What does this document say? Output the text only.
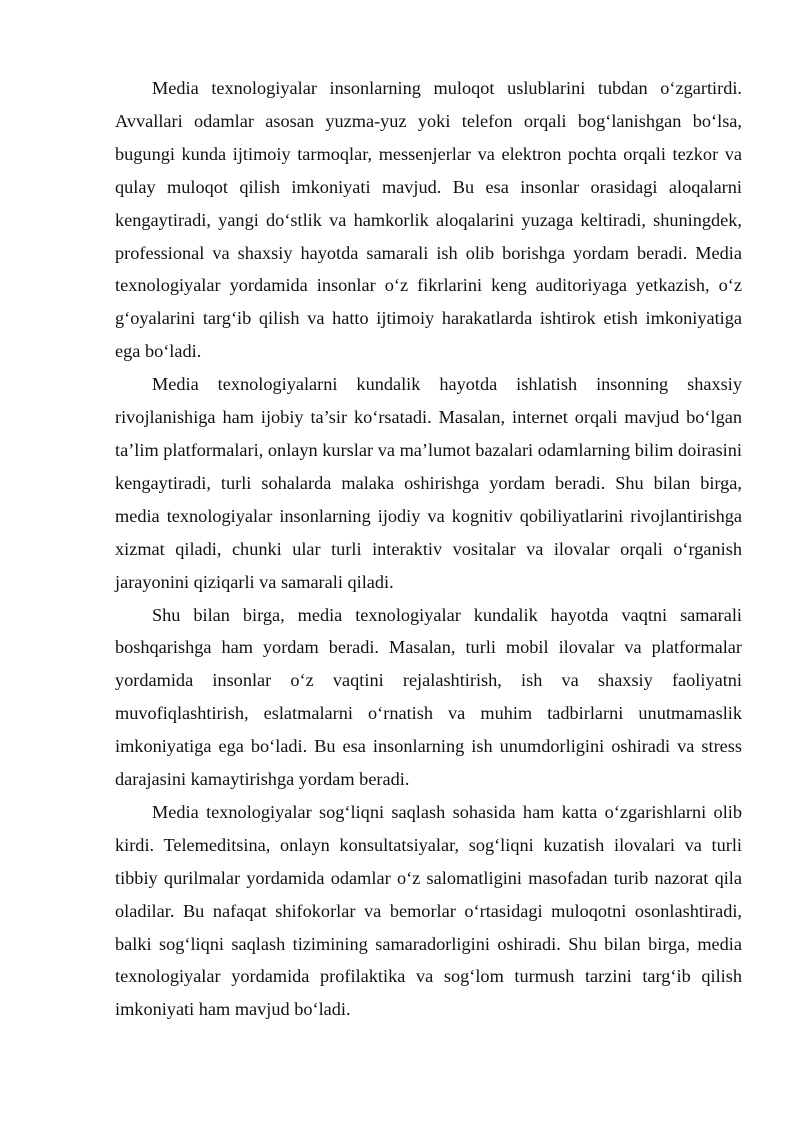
Media texnologiyalar insonlarning muloqot uslublarini tubdan o‘zgartirdi. Avvallari odamlar asosan yuzma-yuz yoki telefon orqali bog‘lanishgan bo‘lsa, bugungi kunda ijtimoiy tarmoqlar, messenjerlar va elektron pochta orqali tezkor va qulay muloqot qilish imkoniyati mavjud. Bu esa insonlar orasidagi aloqalarni kengaytiradi, yangi do‘stlik va hamkorlik aloqalarini yuzaga keltiradi, shuningdek, professional va shaxsiy hayotda samarali ish olib borishga yordam beradi. Media texnologiyalar yordamida insonlar o‘z fikrlarini keng auditoriyaga yetkazish, o‘z g‘oyalarini targ‘ib qilish va hatto ijtimoiy harakatlarda ishtirok etish imkoniyatiga ega bo‘ladi.

Media texnologiyalarni kundalik hayotda ishlatish insonning shaxsiy rivojlanishiga ham ijobiy ta’sir ko‘rsatadi. Masalan, internet orqali mavjud bo‘lgan ta’lim platformalari, onlayn kurslar va ma’lumot bazalari odamlarning bilim doirasini kengaytiradi, turli sohalarda malaka oshirishga yordam beradi. Shu bilan birga, media texnologiyalar insonlarning ijodiy va kognitiv qobiliyatlarini rivojlantirishga xizmat qiladi, chunki ular turli interaktiv vositalar va ilovalar orqali o‘rganish jarayonini qiziqarli va samarali qiladi.

Shu bilan birga, media texnologiyalar kundalik hayotda vaqtni samarali boshqarishga ham yordam beradi. Masalan, turli mobil ilovalar va platformalar yordamida insonlar o‘z vaqtini rejalashtirish, ish va shaxsiy faoliyatni muvofiqlashtirish, eslatmalarni o‘rnatish va muhim tadbirlarni unutmamaslik imkoniyatiga ega bo‘ladi. Bu esa insonlarning ish unumdorligini oshiradi va stress darajasini kamaytirishga yordam beradi.

Media texnologiyalar sog‘liqni saqlash sohasida ham katta o‘zgarishlarni olib kirdi. Telemeditsina, onlayn konsultatsiyalar, sog‘liqni kuzatish ilovalari va turli tibbiy qurilmalar yordamida odamlar o‘z salomatligini masofadan turib nazorat qila oladilar. Bu nafaqat shifokorlar va bemorlar o‘rtasidagi muloqotni osonlashtiradi, balki sog‘liqni saqlash tizimining samaradorligini oshiradi. Shu bilan birga, media texnologiyalar yordamida profilaktika va sog‘lom turmush tarzini targ‘ib qilish imkoniyati ham mavjud bo‘ladi.
